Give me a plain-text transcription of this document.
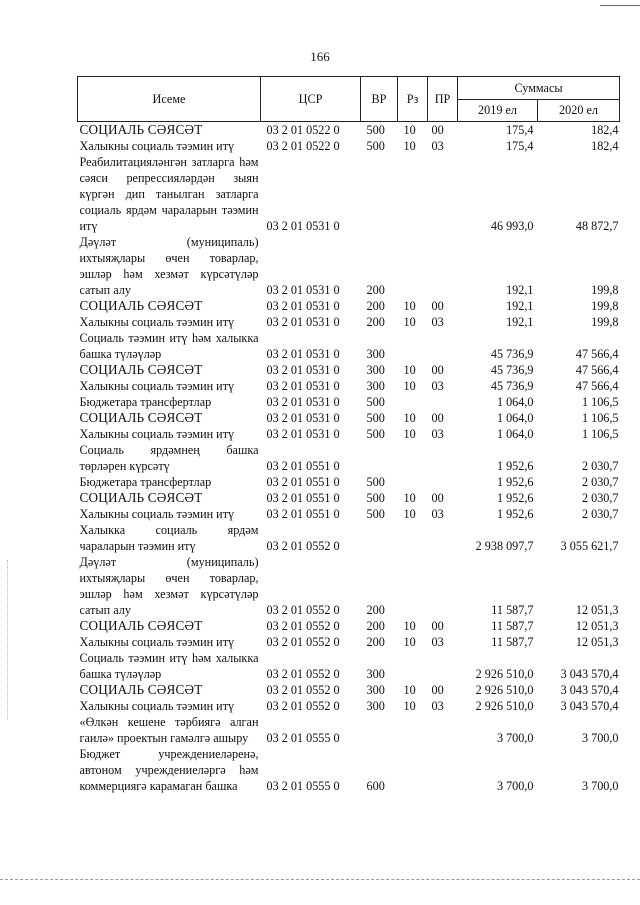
166
Исеме	ЦСР	ВР	Рз	ПР	Суммасы	
					2019 ел	2020 ел
СОЦИАЛЬ СӘЯСӘТ	03 2 01 0522 0	500	10	00	175,4	182,4
Халыкны социаль тәэмин итү	03 2 01 0522 0	500	10	03	175,4	182,4
Реабилитацияләнгән затларга һәм сәяси репрессияләрдән зыян күргән дип танылган затларга социаль ярдәм чараларын тәэмин итү	03 2 01 0531 0				46 993,0	48 872,7
Дәүләт (муниципаль) ихтыяҗлары өчен товарлар, эшләр һәм хезмәт күрсәтүләр сатып алу	03 2 01 0531 0	200			192,1	199,8
СОЦИАЛЬ СӘЯСӘТ	03 2 01 0531 0	200	10	00	192,1	199,8
Халыкны социаль тәэмин итү	03 2 01 0531 0	200	10	03	192,1	199,8
Социаль тәэмин итү һәм халыкка башка түләүләр	03 2 01 0531 0	300			45 736,9	47 566,4
СОЦИАЛЬ СӘЯСӘТ	03 2 01 0531 0	300	10	00	45 736,9	47 566,4
Халыкны социаль тәэмин итү	03 2 01 0531 0	300	10	03	45 736,9	47 566,4
Бюджетара трансфертлар	03 2 01 0531 0	500			1 064,0	1 106,5
СОЦИАЛЬ СӘЯСӘТ	03 2 01 0531 0	500	10	00	1 064,0	1 106,5
Халыкны социаль тәэмин итү	03 2 01 0531 0	500	10	03	1 064,0	1 106,5
Социаль ярдәмнең башка төрләрен күрсәтү	03 2 01 0551 0				1 952,6	2 030,7
Бюджетара трансфертлар	03 2 01 0551 0	500			1 952,6	2 030,7
СОЦИАЛЬ СӘЯСӘТ	03 2 01 0551 0	500	10	00	1 952,6	2 030,7
Халыкны социаль тәэмин итү	03 2 01 0551 0	500	10	03	1 952,6	2 030,7
Халыкка социаль ярдәм чараларын тәэмин итү	03 2 01 0552 0				2 938 097,7	3 055 621,7
Дәүләт (муниципаль) ихтыяҗлары өчен товарлар, эшләр һәм хезмәт күрсәтүләр сатып алу	03 2 01 0552 0	200			11 587,7	12 051,3
СОЦИАЛЬ СӘЯСӘТ	03 2 01 0552 0	200	10	00	11 587,7	12 051,3
Халыкны социаль тәэмин итү	03 2 01 0552 0	200	10	03	11 587,7	12 051,3
Социаль тәэмин итү һәм халыкка башка түләүләр	03 2 01 0552 0	300			2 926 510,0	3 043 570,4
СОЦИАЛЬ СӘЯСӘТ	03 2 01 0552 0	300	10	00	2 926 510,0	3 043 570,4
Халыкны социаль тәэмин итү	03 2 01 0552 0	300	10	03	2 926 510,0	3 043 570,4
«Өлкән кешене тәрбиягә алган гаилә» проектын гамәлгә ашыру	03 2 01 0555 0				3 700,0	3 700,0
Бюджет учреждениеләренә, автоном учреждениеләргә һәм коммерциягә карамаган башка	03 2 01 0555 0	600			3 700,0	3 700,0
